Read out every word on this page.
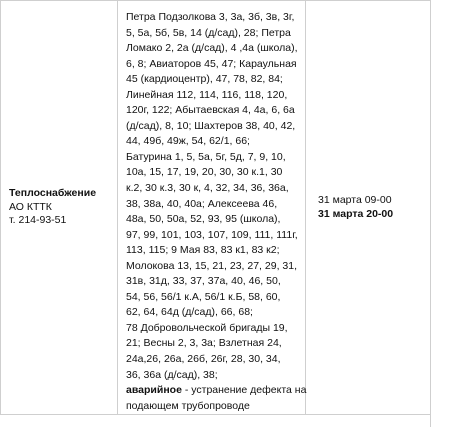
Теплоснабжение
АО КТТК
т. 214-93-51

Петра Подзолкова 3, 3а, 3б, 3в, 3г,
5, 5а, 5б, 5в, 14 (д/сад), 28; Петра
Ломако 2, 2а (д/сад), 4 ,4а (школа),
6, 8; Авиаторов 45, 47; Караульная
45 (кардиоцентр), 47, 78, 82, 84;
Линейная 112, 114, 116, 118, 120,
120г, 122; Абытаевская 4, 4а, 6, 6а
(д/сад), 8, 10; Шахтеров 38, 40, 42,
44, 49б, 49ж, 54, 62/1, 66;
Батурина 1, 5, 5а, 5г, 5д, 7, 9, 10,
10а, 15, 17, 19, 20, 30, 30 к.1, 30
к.2, 30 к.3, 30 к, 4, 32, 34, 36, 36а,
38, 38а, 40, 40а; Алексеева 46,
48а, 50, 50а, 52, 93, 95 (школа),
97, 99, 101, 103, 107, 109, 111, 111г,
113, 115; 9 Мая 83, 83 к1, 83 к2;
Молокова 13, 15, 21, 23, 27, 29, 31,
31в, 31д, 33, 37, 37а, 40, 46, 50,
54, 56, 56/1 к.А, 56/1 к.Б, 58, 60,
62, 64, 64д (д/сад), 66, 68;
78 Добровольческой бригады 19,
21; Весны 2, 3, 3а; Взлетная 24,
24а,26, 26а, 26б, 26г, 28, 30, 34,
36, 36а (д/сад), 38;
аварийное - устранение дефекта на
подающем трубопроводе

31 марта 09-00
31 марта 20-00
